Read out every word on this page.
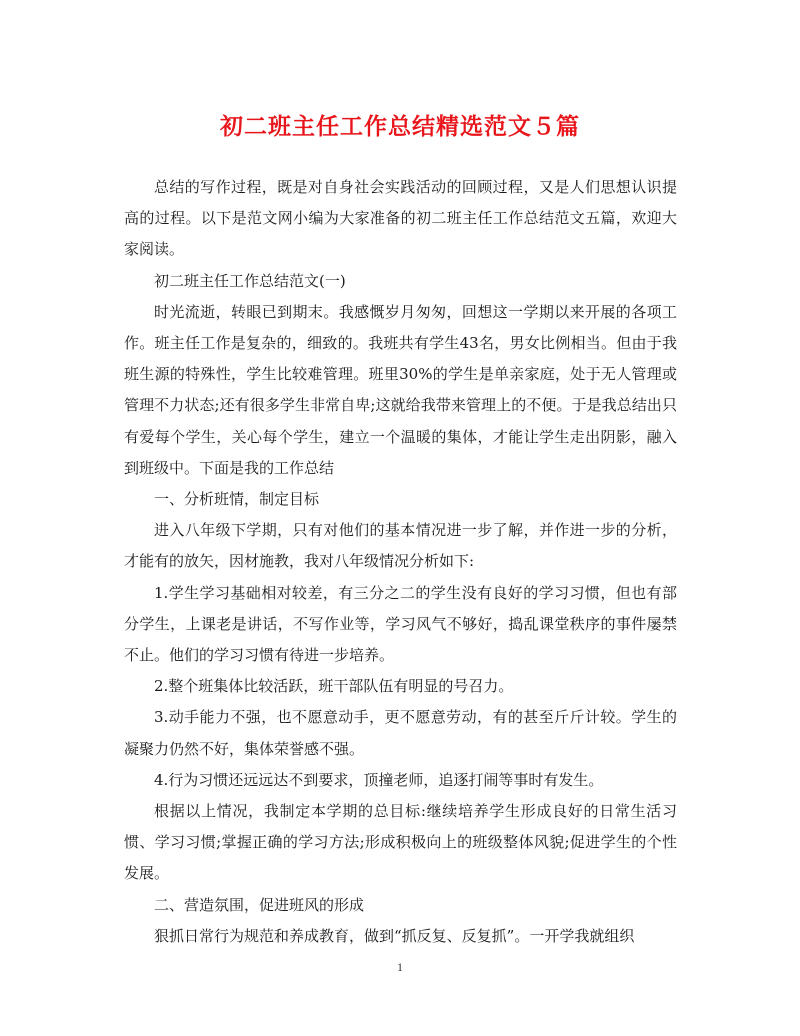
初二班主任工作总结精选范文５篇

总结的写作过程，既是对自身社会实践活动的回顾过程，又是人们思想认识提高的过程。以下是范文网小编为大家准备的初二班主任工作总结范文五篇，欢迎大家阅读。

初二班主任工作总结范文(一)

时光流逝，转眼已到期末。我感慨岁月匆匆，回想这一学期以来开展的各项工作。班主任工作是复杂的，细致的。我班共有学生43名，男女比例相当。但由于我班生源的特殊性，学生比较难管理。班里30%的学生是单亲家庭，处于无人管理或管理不力状态;还有很多学生非常自卑;这就给我带来管理上的不便。于是我总结出只有爱每个学生，关心每个学生，建立一个温暖的集体，才能让学生走出阴影，融入到班级中。下面是我的工作总结

一、分析班情，制定目标

进入八年级下学期，只有对他们的基本情况进一步了解，并作进一步的分析，才能有的放矢，因材施教，我对八年级情况分析如下:

1.学生学习基础相对较差，有三分之二的学生没有良好的学习习惯，但也有部分学生，上课老是讲话，不写作业等，学习风气不够好，捣乱课堂秩序的事件屡禁不止。他们的学习习惯有待进一步培养。

2.整个班集体比较活跃，班干部队伍有明显的号召力。

3.动手能力不强，也不愿意动手，更不愿意劳动，有的甚至斤斤计较。学生的凝聚力仍然不好，集体荣誉感不强。

4.行为习惯还远远达不到要求，顶撞老师，追逐打闹等事时有发生。

根据以上情况，我制定本学期的总目标:继续培养学生形成良好的日常生活习惯、学习习惯;掌握正确的学习方法;形成积极向上的班级整体风貌;促进学生的个性发展。

二、营造氛围，促进班风的形成

狠抓日常行为规范和养成教育，做到“抓反复、反复抓”。一开学我就组织

1
